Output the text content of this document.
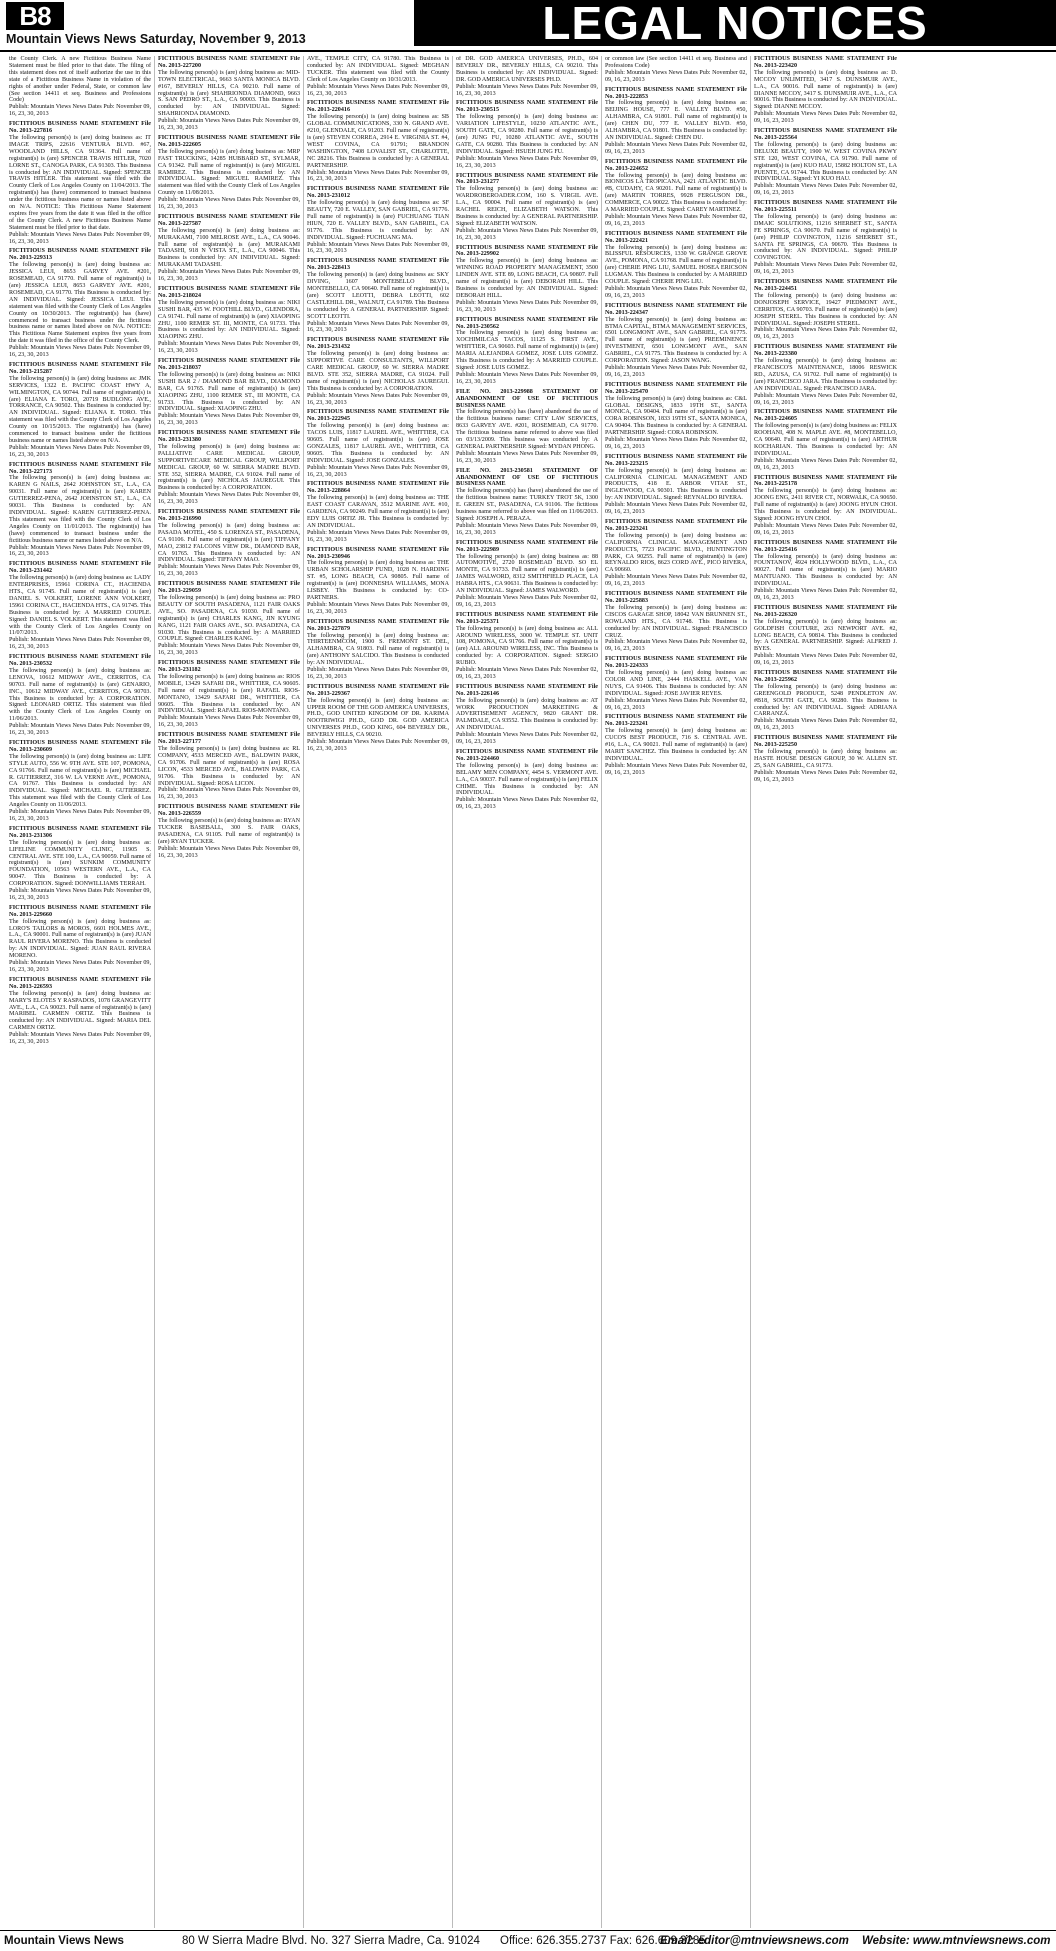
B8	LEGAL NOTICES
Mountain Views News Saturday, November 9, 2013
the County Clerk. A new Fictitious Business Name Statement must be filed prior to that date. The filing of this statement does not of itself authorize the use in this state of a Fictitious Business Name in violation of the rights of another under Federal, State, or common law (See section 14411 et seq. Business and Professions Code)
Publish: Mountain Views News Dates Pub: November 09, 16, 23, 30, 2013
FICTITIOUS BUSINESS NAME STATEMENT File No. 2013-227816
The following person(s) is (are) doing business as: IT IMAGE TRIPS, 22616 VENTURA BLVD. #67, WOODLAND HILLS, CA 91364. Full name of registrant(s) is (are) SPENCER TRAVIS HITLER, 7020 LORNE ST., CANOGA PARK, CA 91303. This Business is conducted by: AN INDIVIDUAL. Signed: SPENCER TRAVIS HITLER. This statement was filed with the County Clerk of Los Angeles County on 11/04/2013. The registrant(s) has (have) commenced to transact business under the fictitious business name or names listed above on N/A. NOTICE: This Fictitious Name Statement expires five years from the date it was filed in the office of the County Clerk. A new Fictitious Business Name Statement must be filed prior to that date.
Publish: Mountain Views News Dates Pub: November 09, 16, 23, 30, 2013
FICTITIOUS BUSINESS NAME STATEMENT File No. 2013-229313
The following person(s) is (are) doing business as: JESSICA LEUI, 8653 GARVEY AVE. #201, ROSEMEAD, CA 91770. Full name of registrant(s) is (are) JESSICA LEUI, 8653 GARVEY AVE. #201, ROSEMEAD, CA 91770. This Business is conducted by: AN INDIVIDUAL. Signed: JESSICA LEUI. This statement was filed with the County Clerk of Los Angeles County on 10/30/2013. The registrant(s) has (have) commenced to transact business under the fictitious business name or names listed above on N/A. NOTICE: This Fictitious Name Statement expires five years from the date it was filed in the office of the County Clerk.
Publish: Mountain Views News Dates Pub: November 09, 16, 23, 30, 2013
FICTITIOUS BUSINESS NAME STATEMENT File No. 2013-215287
The following person(s) is (are) doing business as: JMK SERVICES, 1322 E. PACIFIC COAST HWY A, WILMINGTON, CA 90744. Full name of registrant(s) is (are) ELIANA E. TORO, 20719 BUDLONG AVE., TORRANCE, CA 90502. This Business is conducted by: AN INDIVIDUAL. Signed: ELIANA E. TORO. This statement was filed with the County Clerk of Los Angeles County on 10/15/2013. The registrant(s) has (have) commenced to transact business under the fictitious business name or names listed above on N/A.
Publish: Mountain Views News Dates Pub: November 09, 16, 23, 30, 2013
FICTITIOUS BUSINESS NAME STATEMENT File No. 2013-227173
The following person(s) is (are) doing business as: KAREN G NAILS, 2642 JOHNSTON ST., L.A., CA 90031. Full name of registrant(s) is (are) KAREN GUTIERREZ-PENA, 2642 JOHNSTON ST., L.A., CA 90031. This Business is conducted by: AN INDIVIDUAL. Signed: KAREN GUTIERREZ-PENA. This statement was filed with the County Clerk of Los Angeles County on 11/01/2013. The registrant(s) has (have) commenced to transact business under the fictitious business name or names listed above on N/A.
Publish: Mountain Views News Dates Pub: November 09, 16, 23, 30, 2013
FICTITIOUS BUSINESS NAME STATEMENT File No. 2013-231442
The following person(s) is (are) doing business as: LADY ENTERPRISES, 15961 CORINA CT., HACIENDA HTS., CA 91745. Full name of registrant(s) is (are) DANIEL S. VOLKERT, LORENE ANN VOLKERT, 15961 CORINA CT., HACIENDA HTS., CA 91745. This Business is conducted by: A MARRIED COUPLE. Signed: DANIEL S. VOLKERT. This statement was filed with the County Clerk of Los Angeles County on 11/07/2013.
Publish: Mountain Views News Dates Pub: November 09, 16, 23, 30, 2013
FICTITIOUS BUSINESS NAME STATEMENT File No. 2013-230532
The following person(s) is (are) doing business as: LENOVA, 10612 MIDWAY AVE., CERRITOS, CA 90703. Full name of registrant(s) is (are) GENARIO, INC., 10612 MIDWAY AVE., CERRITOS, CA 90703. This Business is conducted by: A CORPORATION. Signed: LEONARD ORTIZ. This statement was filed with the County Clerk of Los Angeles County on 11/06/2013.
Publish: Mountain Views News Dates Pub: November 09, 16, 23, 30, 2013
FICTITIOUS BUSINESS NAME STATEMENT File No. 2013-230609
The following person(s) is (are) doing business as: LIFE STYLE AUTO, 556 W. 9TH AVE. STE 107, POMONA, CA 91766. Full name of registrant(s) is (are) MICHAEL R. GUTIERREZ, 316 W. LA VERNE AVE., POMONA, CA 91767. This Business is conducted by: AN INDIVIDUAL. Signed: MICHAEL R. GUTIERREZ. This statement was filed with the County Clerk of Los Angeles County on 11/06/2013.
Publish: Mountain Views News Dates Pub: November 09, 16, 23, 30, 2013
FICTITIOUS BUSINESS NAME STATEMENT File No. 2013-231306
The following person(s) is (are) doing business as: LIFELINE COMMUNITY CLINIC, 11905 S. CENTRAL AVE. STE 100, L.A., CA 90059. Full name of registrant(s) is (are) SUNKIM COMMUNITY FOUNDATION, 10563 WESTERN AVE., L.A., CA 90047. This Business is conducted by: A CORPORATION. Signed: DONWILLIAMS TERRAH.
Publish: Mountain Views News Dates Pub: November 09, 16, 23, 30, 2013
FICTITIOUS BUSINESS NAME STATEMENT File No. 2013-229660
The following person(s) is (are) doing business as: LORO'S TAILORS & MOROS, 6601 HOLMES AVE., L.A., CA 90001. Full name of registrant(s) is (are) JUAN RAUL RIVERA MORENO. This Business is conducted by: AN INDIVIDUAL. Signed: JUAN RAUL RIVERA MORENO.
Publish: Mountain Views News Dates Pub: November 09, 16, 23, 30, 2013
FICTITIOUS BUSINESS NAME STATEMENT File No. 2013-226593
The following person(s) is (are) doing business as: MARY'S ELOTES Y RASPADOS, 1078 GRANGEVITT AVE., L.A., CA 90023. Full name of registrant(s) is (are) MARIBEL CARMEN ORTIZ. This Business is conducted by: AN INDIVIDUAL. Signed: MARIA DEL CARMEN ORTIZ.
Publish: Mountain Views News Dates Pub: November 09, 16, 23, 30, 2013
FICTITIOUS BUSINESS NAME STATEMENT File No. 2013-227200
The following person(s) is (are) doing business as: MID-TOWN ELECTRICAL, 9663 SANTA MONICA BLVD. #167, BEVERLY HILLS, CA 90210. Full name of registrant(s) is (are) SHAHRIONDA DIAMOND, 9663 S. SAN PEDRO ST., L.A., CA 90003. This Business is conducted by: AN INDIVIDUAL. Signed: SHAHRIONDA DIAMOND.
Publish: Mountain Views News Dates Pub: November 09, 16, 23, 30, 2013
FICTITIOUS BUSINESS NAME STATEMENT File No. 2013-222605
The following person(s) is (are) doing business as: MRP FAST TRUCKING, 14285 HUBBARD ST., SYLMAR, CA 91342. Full name of registrant(s) is (are) MIGUEL RAMIREZ. This Business is conducted by: AN INDIVIDUAL. Signed: MIGUEL RAMIREZ. This statement was filed with the County Clerk of Los Angeles County on 11/08/2013.
Publish: Mountain Views News Dates Pub: November 09, 16, 23, 30, 2013
FICTITIOUS BUSINESS NAME STATEMENT File No. 2013-227587
The following person(s) is (are) doing business as: MURAKAMI, 7100 MELROSE AVE., L.A., CA 90046. Full name of registrant(s) is (are) MURAKAMI TADASHI, 918 N VISTA ST., L.A., CA 90046. This Business is conducted by: AN INDIVIDUAL. Signed: MURAKAMI TADASHI.
Publish: Mountain Views News Dates Pub: November 09, 16, 23, 30, 2013
FICTITIOUS BUSINESS NAME STATEMENT File No. 2013-218024
The following person(s) is (are) doing business as: NIKI SUSHI BAR, 435 W. FOOTHILL BLVD., GLENDORA, CA 91741. Full name of registrant(s) is (are) XIAOPING ZHU, 1100 REMER ST. III, MONTE, CA 91733. This Business is conducted by: AN INDIVIDUAL. Signed: XIAOPING ZHU.
Publish: Mountain Views News Dates Pub: November 09, 16, 23, 30, 2013
FICTITIOUS BUSINESS NAME STATEMENT File No. 2013-218037
The following person(s) is (are) doing business as: NIKI SUSHI BAR 2 / DIAMOND BAR BLVD., DIAMOND BAR, CA 91765. Full name of registrant(s) is (are) XIAOPING ZHU, 1100 REMER ST., III MONTE, CA 91733. This Business is conducted by: AN INDIVIDUAL. Signed: XIAOPING ZHU.
Publish: Mountain Views News Dates Pub: November 09, 16, 23, 30, 2013
FICTITIOUS BUSINESS NAME STATEMENT File No. 2013-231380
The following person(s) is (are) doing business as: PALLIATIVE CARE MEDICAL GROUP, SUPPORTIVECARE MEDICAL GROUP, WILLPORT MEDICAL GROUP, 60 W. SIERRA MADRE BLVD. STE 352, SIERRA MADRE, CA 91024. Full name of registrant(s) is (are) NICHOLAS JAUREGUI. This Business is conducted by: A CORPORATION.
Publish: Mountain Views News Dates Pub: November 09, 16, 23, 30, 2013
FICTITIOUS BUSINESS NAME STATEMENT File No. 2013-216990
The following person(s) is (are) doing business as: PASADA MOTEL, 450 S. LORENZA ST., PASADENA, CA 91106. Full name of registrant(s) is (are) TIFFANY MAO, 23812 FALCONS VIEW DR., DIAMOND BAR, CA 91765. This Business is conducted by: AN INDIVIDUAL. Signed: TIFFANY MAO.
Publish: Mountain Views News Dates Pub: November 09, 16, 23, 30, 2013
FICTITIOUS BUSINESS NAME STATEMENT File No. 2013-229059
The following person(s) is (are) doing business as: PRO BEAUTY OF SOUTH PASADENA, 1121 FAIR OAKS AVE., SO. PASADENA, CA 91030. Full name of registrant(s) is (are) CHARLES KANG, JIN KYUNG KANG, 1121 FAIR OAKS AVE., SO. PASADENA, CA 91030. This Business is conducted by: A MARRIED COUPLE. Signed: CHARLES KANG.
Publish: Mountain Views News Dates Pub: November 09, 16, 23, 30, 2013
FICTITIOUS BUSINESS NAME STATEMENT File No. 2013-231182
The following person(s) is (are) doing business as: RIOS MOBILE, 13429 SAFARI DR., WHITTIER, CA 90605. Full name of registrant(s) is (are) RAFAEL RIOS-MONTANO, 13429 SAFARI DR., WHITTIER, CA 90605. This Business is conducted by: AN INDIVIDUAL. Signed: RAFAEL RIOS-MONTANO.
Publish: Mountain Views News Dates Pub: November 09, 16, 23, 30, 2013
FICTITIOUS BUSINESS NAME STATEMENT File No. 2013-227177
The following person(s) is (are) doing business as: RL COMPANY, 4533 MERCED AVE., BALDWIN PARK, CA 91706. Full name of registrant(s) is (are) ROSA LICON, 4533 MERCED AVE., BALDWIN PARK, CA 91706. This Business is conducted by: AN INDIVIDUAL. Signed: ROSA LICON.
Publish: Mountain Views News Dates Pub: November 09, 16, 23, 30, 2013
FICTITIOUS BUSINESS NAME STATEMENT File No. 2013-226559
The following person(s) is (are) doing business as: RYAN TUCKER BASEBALL, 300 S. FAIR OAKS, PASADENA, CA 91105. Full name of registrant(s) is (are) RYAN TUCKER.
Publish: Mountain Views News Dates Pub: November 09, 16, 23, 30, 2013
AVE., TEMPLE CITY, CA 91780. This Business is conducted by: AN INDIVIDUAL. Signed: MEGHAN TUCKER. This statement was filed with the County Clerk of Los Angeles County on 10/31/2013.
Publish: Mountain Views News Dates Pub: November 09, 16, 23, 30, 2013
FICTITIOUS BUSINESS NAME STATEMENT File No. 2013-220416
The following person(s) is (are) doing business as: SB GLOBAL COMMUNICATIONS, 330 N. GRAND AVE. #210, GLENDALE, CA 91203. Full name of registrant(s) is (are) STEVEN CORREA, 2914 E. VIRGINIA ST. #4, WEST COVINA, CA 91791; BRANDON WASHINGTON, 7408 LOVALIST ST., CHARLOTTE, NC 28216. This Business is conducted by: A GENERAL PARTNERSHIP.
Publish: Mountain Views News Dates Pub: November 09, 16, 23, 30, 2013
FICTITIOUS BUSINESS NAME STATEMENT File No. 2013-231012
The following person(s) is (are) doing business as: SF BEAUTY, 720 E. VALLEY, SAN GABRIEL, CA 91776. Full name of registrant(s) is (are) FUCHUANG TIAN HIUN, 720 E. VALLEY BLVD., SAN GABRIEL, CA 91776. This Business is conducted by: AN INDIVIDUAL. Signed: FUCHUANG MA.
Publish: Mountain Views News Dates Pub: November 09, 16, 23, 30, 2013
FICTITIOUS BUSINESS NAME STATEMENT File No. 2013-228413
The following person(s) is (are) doing business as: SKY DIVING, 1607 MONTEBELLO BLVD., MONTEBELLO, CA 90640. Full name of registrant(s) is (are) SCOTT LEOTTI, DEBRA LEOTTI, 602 CASTLEHILL DR., WALNUT, CA 91789. This Business is conducted by: A GENERAL PARTNERSHIP. Signed: SCOTT LEOTTI.
Publish: Mountain Views News Dates Pub: November 09, 16, 23, 30, 2013
FICTITIOUS BUSINESS NAME STATEMENT File No. 2013-231432
The following person(s) is (are) doing business as: SUPPORTIVE CARE CONSULTANTS, WILLPORT CARE MEDICAL GROUP, 60 W. SIERRA MADRE BLVD. STE 352, SIERRA MADRE, CA 91024. Full name of registrant(s) is (are) NICHOLAS JAUREGUI. This Business is conducted by: A CORPORATION.
Publish: Mountain Views News Dates Pub: November 09, 16, 23, 30, 2013
FICTITIOUS BUSINESS NAME STATEMENT File No. 2013-222945
The following person(s) is (are) doing business as: TACOS LUIS, 11817 LAUREL AVE., WHITTIER, CA 90605. Full name of registrant(s) is (are) JOSE GONZALES, 11817 LAUREL AVE., WHITTIER, CA 90605. This Business is conducted by: AN INDIVIDUAL. Signed: JOSE GONZALES.
Publish: Mountain Views News Dates Pub: November 09, 16, 23, 30, 2013
FICTITIOUS BUSINESS NAME STATEMENT File No. 2013-228864
The following person(s) is (are) doing business as: THE EAST COAST CARAVAN, 3512 MARINE AVE. #10, GARDENA, CA 90249. Full name of registrant(s) is (are) EDY LUIS ORTIZ JR. This Business is conducted by: AN INDIVIDUAL.
Publish: Mountain Views News Dates Pub: November 09, 16, 23, 30, 2013
FICTITIOUS BUSINESS NAME STATEMENT File No. 2013-230946
The following person(s) is (are) doing business as: THE URBAN SCHOLARSHIP FUND, 1028 N. HARDING ST. #5, LONG BEACH, CA 90805. Full name of registrant(s) is (are) DONNESHA WILLIAMS, MONA LISBEY. This Business is conducted by: CO-PARTNERS.
Publish: Mountain Views News Dates Pub: November 09, 16, 23, 30, 2013
FICTITIOUS BUSINESS NAME STATEMENT File No. 2013-227879
The following person(s) is (are) doing business as: THIRTEENMCOM, 1900 S. FREMONT ST. DEL, ALHAMBRA, CA 91803. Full name of registrant(s) is (are) ANTHONY SALCIDO. This Business is conducted by: AN INDIVIDUAL.
Publish: Mountain Views News Dates Pub: November 09, 16, 23, 30, 2013
FICTITIOUS BUSINESS NAME STATEMENT File No. 2013-229367
The following person(s) is (are) doing business as: UPPER ROOM OF THE GOD AMERICA UNIVERSES, PH.D., GOD UNITED KINGDOM OF DR. KARIMA NOOTRIWIGI PH.D., GOD DR. GOD AMERICA UNIVERSES PH.D., GOD KING, 604 BEVERLY DR., BEVERLY HILLS, CA 90210.
Publish: Mountain Views News Dates Pub: November 09, 16, 23, 30, 2013
of DR. GOD AMERICA UNIVERSES, PH.D., 604 BEVERLY DR., BEVERLY HILLS, CA 90210. This Business is conducted by: AN INDIVIDUAL. Signed: DR. GOD AMERICA UNIVERSES PH.D.
Publish: Mountain Views News Dates Pub: November 09, 16, 23, 30, 2013
FICTITIOUS BUSINESS NAME STATEMENT File No. 2013-230515
The following person(s) is (are) doing business as: VARIATION LIFESTYLE, 10230 ATLANTIC AVE., SOUTH GATE, CA 90280. Full name of registrant(s) is (are) JUNG FU, 10280 ATLANTIC AVE., SOUTH GATE, CA 90280. This Business is conducted by: AN INDIVIDUAL. Signed: HSUEH JUNG FU.
Publish: Mountain Views News Dates Pub: November 09, 16, 23, 30, 2013
FICTITIOUS BUSINESS NAME STATEMENT File No. 2013-231277
The following person(s) is (are) doing business as: WARDROBEROADER.COM, 160 S. VIRGIL AVE. L.A., CA 90004. Full name of registrant(s) is (are) RACHEL REICH, ELIZABETH WATSON. This Business is conducted by: A GENERAL PARTNERSHIP. Signed: ELIZABETH WATSON.
Publish: Mountain Views News Dates Pub: November 09, 16, 23, 30, 2013
FICTITIOUS BUSINESS NAME STATEMENT File No. 2013-229902
The following person(s) is (are) doing business as: WINNING ROAD PROPERTY MANAGEMENT, 3500 LINDEN AVE. STE 89, LONG BEACH, CA 90807. Full name of registrant(s) is (are) DEBORAH HILL. This Business is conducted by: AN INDIVIDUAL. Signed: DEBORAH HILL.
Publish: Mountain Views News Dates Pub: November 09, 16, 23, 30, 2013
FICTITIOUS BUSINESS NAME STATEMENT File No. 2013-230562
The following person(s) is (are) doing business as: XOCHIMILCAS TACOS, 11125 S. FIRST AVE., WHITTIER, CA 90603. Full name of registrant(s) is (are) MARIA ALEJANDRA GOMEZ, JOSE LUIS GOMEZ. This Business is conducted by: A MARRIED COUPLE. Signed: JOSE LUIS GOMEZ.
Publish: Mountain Views News Dates Pub: November 09, 16, 23, 30, 2013
FILE NO. 2013-229988 STATEMENT OF ABANDONMENT OF USE OF FICTITIOUS BUSINESS NAME
The following person(s) has (have) abandoned the use of the fictitious business name: CITY LAW SERVICES, 8633 GARVEY AVE. #201, ROSEMEAD, CA 91770. The fictitious business name referred to above was filed on 03/13/2009. This business was conducted by: A GENERAL PARTNERSHIP. Signed: MYDAN PHONG.
Publish: Mountain Views News Dates Pub: November 09, 16, 23, 30, 2013
FILE NO. 2013-230581 STATEMENT OF ABANDONMENT OF USE OF FICTITIOUS BUSINESS NAME
The following person(s) has (have) abandoned the use of the fictitious business name: TURKEY TROT 5K, 1300 E. GREEN ST., PASADENA, CA 91106. The fictitious business name referred to above was filed on 11/06/2013. Signed: JOSEPH A. PERAZA.
Publish: Mountain Views News Dates Pub: November 09, 16, 23, 30, 2013
FICTITIOUS BUSINESS NAME STATEMENT File No. 2013-222989
The following person(s) is (are) doing business as: 88 AUTOMOTIVE, 2720 ROSEMEAD BLVD. SO EL MONTE, CA 91733. Full name of registrant(s) is (are) JAMES WALWORD, 8312 SMITHFIELD PLACE, LA HABRA HTS., CA 90631. This Business is conducted by: AN INDIVIDUAL. Signed: JAMES WALWORD.
Publish: Mountain Views News Dates Pub: November 02, 09, 16, 23, 2013
FICTITIOUS BUSINESS NAME STATEMENT File No. 2013-225371
The following person(s) is (are) doing business as: ALL AROUND WIRELESS, 3000 W. TEMPLE ST. UNIT 108, POMONA, CA 91766. Full name of registrant(s) is (are) ALL AROUND WIRELESS, INC. This Business is conducted by: A CORPORATION. Signed: SERGIO RUBIO.
Publish: Mountain Views News Dates Pub: November 02, 09, 16, 23, 2013
FICTITIOUS BUSINESS NAME STATEMENT File No. 2013-226146
The following person(s) is (are) doing business as: AT WORK PRODUCTION MARKETING & ADVERTISEMENT AGENCY, 9820 GRANT DR. PALMDALE, CA 93552. This Business is conducted by: AN INDIVIDUAL.
Publish: Mountain Views News Dates Pub: November 02, 09, 16, 23, 2013
FICTITIOUS BUSINESS NAME STATEMENT File No. 2013-224460
The following person(s) is (are) doing business as: BELAMY MEN COMPANY, 4454 S. VERMONT AVE. L.A., CA 90037. Full name of registrant(s) is (are) FELIX CHIME. This Business is conducted by: AN INDIVIDUAL.
Publish: Mountain Views News Dates Pub: November 02, 09, 16, 23, 2013
or common law (See section 14411 et seq. Business and Professions Code)
Publish: Mountain Views News Dates Pub: November 02, 09, 16, 23, 2013
FICTITIOUS BUSINESS NAME STATEMENT File No. 2013-222853
The following person(s) is (are) doing business as: BEIJING HOUSE, 777 E. VALLEY BLVD. #50, ALHAMBRA, CA 91801. Full name of registrant(s) is (are) CHEN DU, 777 E. VALLEY BLVD. #50, ALHAMBRA, CA 91801. This Business is conducted by: AN INDIVIDUAL. Signed: CHEN DU.
Publish: Mountain Views News Dates Pub: November 02, 09, 16, 23, 2013
FICTITIOUS BUSINESS NAME STATEMENT File No. 2013-224652
The following person(s) is (are) doing business as: BIONICOS LA TROPICANA, 2421 ATLANTIC BLVD. #B, CUDAHY, CA 90201. Full name of registrant(s) is (are) MARTIN TORRES, 9928 FERGUSON DR., COMMERCE, CA 90022. This Business is conducted by: A MARRIED COUPLE. Signed: CAREY MARTINEZ.
Publish: Mountain Views News Dates Pub: November 02, 09, 16, 23, 2013
FICTITIOUS BUSINESS NAME STATEMENT File No. 2013-222421
The following person(s) is (are) doing business as: BLISSFUL RESOURCES, 1330 W. GRANGE GROVE AVE., POMONA, CA 91768. Full name of registrant(s) is (are) CHERIE PING LIU, SAMUEL HOSEA ERICSON LUGMAN. This Business is conducted by: A MARRIED COUPLE. Signed: CHERIE PING LIU.
Publish: Mountain Views News Dates Pub: November 02, 09, 16, 23, 2013
FICTITIOUS BUSINESS NAME STATEMENT File No. 2013-224347
The following person(s) is (are) doing business as: BTMA CAPITAL, BTMA MANAGEMENT SERVICES, 6501 LONGMONT AVE., SAN GABRIEL, CA 91775. Full name of registrant(s) is (are) PREEMINENCE INVESTMENT, 6501 LONGMONT AVE., SAN GABRIEL, CA 91775. This Business is conducted by: A CORPORATION. Signed: JASON WANG.
Publish: Mountain Views News Dates Pub: November 02, 09, 16, 23, 2013
FICTITIOUS BUSINESS NAME STATEMENT File No. 2013-225470
The following person(s) is (are) doing business as: C&L GLOBAL DESIGNS, 1833 19TH ST., SANTA MONICA, CA 90404. Full name of registrant(s) is (are) CORA ROBINSON, 1833 19TH ST., SANTA MONICA, CA 90404. This Business is conducted by: A GENERAL PARTNERSHIP. Signed: CORA ROBINSON.
Publish: Mountain Views News Dates Pub: November 02, 09, 16, 23, 2013
FICTITIOUS BUSINESS NAME STATEMENT File No. 2013-223215
The following person(s) is (are) doing business as: CALIFORNIA CLINICAL MANAGEMENT AND PRODUCTS, 418 E. ARBOR VITAE ST., INGLEWOOD, CA 90301. This Business is conducted by: AN INDIVIDUAL. Signed: REYNALDO RIVERA.
Publish: Mountain Views News Dates Pub: November 02, 09, 16, 23, 2013
FICTITIOUS BUSINESS NAME STATEMENT File No. 2013-223241
The following person(s) is (are) doing business as: CALIFORNIA CLINICAL MANAGEMENT AND PRODUCTS, 7723 PACIFIC BLVD., HUNTINGTON PARK, CA 90255. Full name of registrant(s) is (are) REYNALDO RIOS, 8623 CORD AVE., PICO RIVERA, CA 90660.
Publish: Mountain Views News Dates Pub: November 02, 09, 16, 23, 2013
FICTITIOUS BUSINESS NAME STATEMENT File No. 2013-225883
The following person(s) is (are) doing business as: CISCOS GARAGE SHOP, 18042 VAN BRUNNEN ST., ROWLAND HTS., CA 91748. This Business is conducted by: AN INDIVIDUAL. Signed: FRANCISCO CRUZ.
Publish: Mountain Views News Dates Pub: November 02, 09, 16, 23, 2013
FICTITIOUS BUSINESS NAME STATEMENT File No. 2013-224333
The following person(s) is (are) doing business as: COLOR AND LINE, 2444 HASKELL AVE., VAN NUYS, CA 91406. This Business is conducted by: AN INDIVIDUAL. Signed: JOSE JAVIER REYES.
Publish: Mountain Views News Dates Pub: November 02, 09, 16, 23, 2013
FICTITIOUS BUSINESS NAME STATEMENT File No. 2013-223241
The following person(s) is (are) doing business as: CUCO'S BEST PRODUCE, 716 S. CENTRAL AVE. #16, L.A., CA 90021. Full name of registrant(s) is (are) MARIT SANCHEZ. This Business is conducted by: AN INDIVIDUAL.
Publish: Mountain Views News Dates Pub: November 02, 09, 16, 23, 2013
FICTITIOUS BUSINESS NAME STATEMENT File No. 2013-223420
The following person(s) is (are) doing business as: D. MCCOY UNLIMITED, 3417 S. DUNSMUIR AVE., L.A., CA 90016. Full name of registrant(s) is (are) DIANNE MCCOY, 3417 S. DUNSMUIR AVE., L.A., CA 90016. This Business is conducted by: AN INDIVIDUAL. Signed: DIANNE MCCOY.
Publish: Mountain Views News Dates Pub: November 02, 09, 16, 23, 2013
FICTITIOUS BUSINESS NAME STATEMENT File No. 2013-225564
The following person(s) is (are) doing business as: DELUXE BEAUTY, 1900 W. WEST COVINA PKWY STE 120, WEST COVINA, CA 91790. Full name of registrant(s) is (are) KUO HAU, 15882 HOLTON ST., LA PUENTE, CA 91744. This Business is conducted by: AN INDIVIDUAL. Signed: YI KUO HAU.
Publish: Mountain Views News Dates Pub: November 02, 09, 16, 23, 2013
FICTITIOUS BUSINESS NAME STATEMENT File No. 2013-225511
The following person(s) is (are) doing business as: DMAIC SOLUTIONS, 11216 SHERBET ST., SANTA FE SPRINGS, CA 90670. Full name of registrant(s) is (are) PHILIP COVINGTON, 11216 SHERBET ST., SANTA FE SPRINGS, CA 90670. This Business is conducted by: AN INDIVIDUAL. Signed: PHILIP COVINGTON.
Publish: Mountain Views News Dates Pub: November 02, 09, 16, 23, 2013
FICTITIOUS BUSINESS NAME STATEMENT File No. 2013-224451
The following person(s) is (are) doing business as: DONJOSEPH SERVICE, 19427 PIEDMONT AVE., CERRITOS, CA 90703. Full name of registrant(s) is (are) JOSEPH STEREL. This Business is conducted by: AN INDIVIDUAL. Signed: JOSEPH STEREL.
Publish: Mountain Views News Dates Pub: November 02, 09, 16, 23, 2013
FICTITIOUS BUSINESS NAME STATEMENT File No. 2013-223380
The following person(s) is (are) doing business as: FRANCISCO'S MAINTENANCE, 18006 RESWICK RD., AZUSA, CA 91702. Full name of registrant(s) is (are) FRANCISCO JARA. This Business is conducted by: AN INDIVIDUAL. Signed: FRANCISCO JARA.
Publish: Mountain Views News Dates Pub: November 02, 09, 16, 23, 2013
FICTITIOUS BUSINESS NAME STATEMENT File No. 2013-224605
The following person(s) is (are) doing business as: FELIX ROOHANI, 408 N. MAPLE AVE. #8, MONTEBELLO, CA 90640. Full name of registrant(s) is (are) ARTHUR KOCHARIAN. This Business is conducted by: AN INDIVIDUAL.
Publish: Mountain Views News Dates Pub: November 02, 09, 16, 23, 2013
FICTITIOUS BUSINESS NAME STATEMENT File No. 2013-225178
The following person(s) is (are) doing business as: JOONG ENG, 2411 RIVER CT., NORWALK, CA 90650. Full name of registrant(s) is (are) JOONG HYUN CHOI. This Business is conducted by: AN INDIVIDUAL. Signed: JOONG HYUN CHOI.
Publish: Mountain Views News Dates Pub: November 02, 09, 16, 23, 2013
FICTITIOUS BUSINESS NAME STATEMENT File No. 2013-225416
The following person(s) is (are) doing business as: FOUNTANOV, 4924 HOLLYWOOD BLVD., L.A., CA 90027. Full name of registrant(s) is (are) MARIO MANTUANO. This Business is conducted by: AN INDIVIDUAL.
Publish: Mountain Views News Dates Pub: November 02, 09, 16, 23, 2013
FICTITIOUS BUSINESS NAME STATEMENT File No. 2013-226320
The following person(s) is (are) doing business as: GOLDFISH COUTURE, 263 NEWPORT AVE. #2, LONG BEACH, CA 90814. This Business is conducted by: A GENERAL PARTNERSHIP. Signed: ALFRED J. BYES.
Publish: Mountain Views News Dates Pub: November 02, 09, 16, 23, 2013
FICTITIOUS BUSINESS NAME STATEMENT File No. 2013-225962
The following person(s) is (are) doing business as: GREENGOLD PRODUCE, 5248 PENDLETON AV. #B18, SOUTH GATE, CA 90280. This Business is conducted by: AN INDIVIDUAL. Signed: ADRIANA CARRANZA.
Publish: Mountain Views News Dates Pub: November 02, 09, 16, 23, 2013
FICTITIOUS BUSINESS NAME STATEMENT File No. 2013-225250
The following person(s) is (are) doing business as: HASTE HOUSE DESIGN GROUP, 30 W. ALLEN ST. 25, SAN GABRIEL, CA 91773.
Publish: Mountain Views News Dates Pub: November 02, 09, 16, 23, 2013
Mountain Views News	80 W Sierra Madre Blvd. No. 327 Sierra Madre, Ca. 91024 Office: 626.355.2737 Fax: 626.609.3285
Email: editor@mtnviewsnews.com Website: www.mtnviewsnews.com
